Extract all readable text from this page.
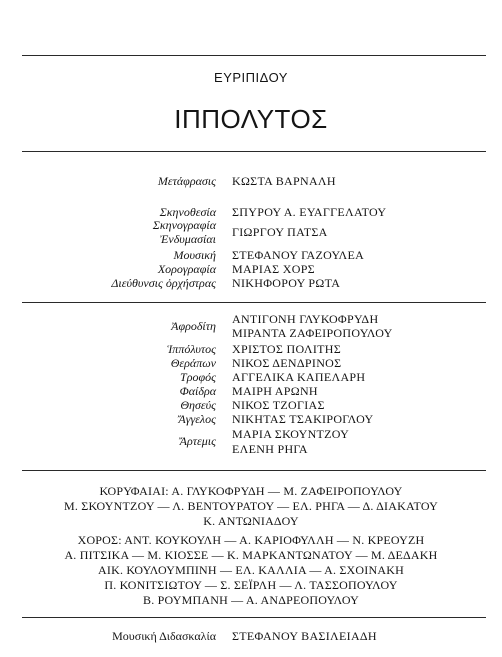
ΕΥΡΙΠΙΔΟΥ
ΙΠΠΟΛΥΤΟΣ
Μετάφρασις ΚΩΣΤΑ ΒΑΡΝΑΛΗ
Σκηνοθεσία ΣΠΥΡΟΥ Α. ΕΥΑΓΓΕΛΑΤΟΥ
Σκηνογραφία ΓΙΩΡΓΟΥ ΠΑΤΣΑ
Ἐνδυμασίαι
Μουσική ΣΤΕΦΑΝΟΥ ΓΑΖΟΥΛΕΑ
Χορογραφία ΜΑΡΙΑΣ ΧΟΡΣ
Διεύθυνσις ὀρχήστρας ΝΙΚΗΦΟΡΟΥ ΡΩΤΑ
ΑΝΤΙΓΟΝΗ ΓΛΥΚΟΦΡΥΔΗ
Ἀφροδίτη ΜΙΡΑΝΤΑ ΖΑΦΕΙΡΟΠΟΥΛΟΥ
Ἱππόλυτος ΧΡΙΣΤΟΣ ΠΟΛΙΤΗΣ
Θεράπων ΝΙΚΟΣ ΔΕΝΔΡΙΝΟΣ
Τροφός ΑΓΓΕΛΙΚΑ ΚΑΠΕΛΑΡΗ
Φαίδρα ΜΑΙΡΗ ΑΡΩΝΗ
Θησεύς ΝΙΚΟΣ ΤΖΟΓΙΑΣ
Ἄγγελος ΝΙΚΗΤΑΣ ΤΣΑΚΙΡΟΓΛΟΥ
ΜΑΡΙΑ ΣΚΟΥΝΤΖΟΥ
Ἄρτεμις
ΕΛΕΝΗ ΡΗΓΑ
ΚΟΡΥΦΑΙΑΙ: Α. ΓΛΥΚΟΦΡΥΔΗ — Μ. ΖΑΦΕΙΡΟΠΟΥΛΟΥ
Μ. ΣΚΟΥΝΤΖΟΥ — Λ. ΒΕΝΤΟΥΡΑΤΟΥ — ΕΛ. ΡΗΓΑ — Δ. ΔΙΑΚΑΤΟΥ
Κ. ΑΝΤΩΝΙΑΔΟΥ
ΧΟΡΟΣ: ΑΝΤ. ΚΟΥΚΟΥΛΗ — Α. ΚΑΡΙΟΦΥΛΛΗ — Ν. ΚΡΕΟΥΖΗ
Α. ΠΙΤΣΙΚΑ — Μ. ΚΙΟΣΣΕ — Κ. ΜΑΡΚΑΝΤΩΝΑΤΟΥ — Μ. ΔΕΔΑΚΗ
ΑΙΚ. ΚΟΥΛΟΥΜΠΙΝΗ — ΕΛ. ΚΑΛΛΙΑ — Α. ΣΧΟΙΝΑΚΗ
Π. ΚΟΝΙΤΣΙΩΤΟΥ — Σ. ΣΕΪΡΛΗ — Λ. ΤΑΣΣΟΠΟΥΛΟΥ
Β. ΡΟΥΜΠΑΝΗ — Α. ΑΝΔΡΕΟΠΟΥΛΟΥ
Μουσική Διδασκαλία ΣΤΕΦΑΝΟΥ ΒΑΣΙΛΕΙΑΔΗ
